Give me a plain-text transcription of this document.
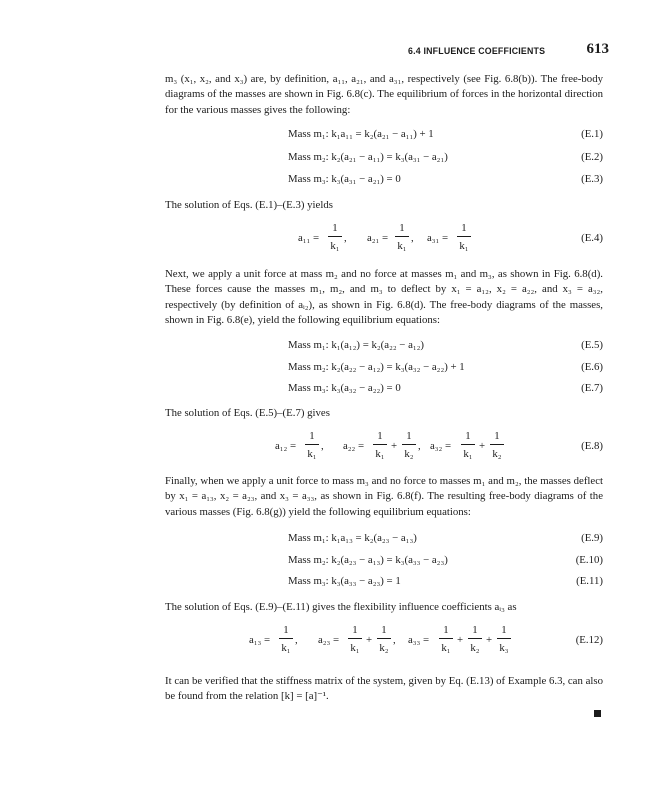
6.4 INFLUENCE COEFFICIENTS	613
m₃ (x₁, x₂, and x₃) are, by definition, a₁₁, a₂₁, and a₃₁, respectively (see Fig. 6.8(b)). The free-body diagrams of the masses are shown in Fig. 6.8(c). The equilibrium of forces in the horizontal direction for the various masses gives the following:
Mass m₁: k₁a₁₁ = k₂(a₂₁ − a₁₁) + 1	(E.1)
Mass m₂: k₂(a₂₁ − a₁₁) = k₃(a₃₁ − a₂₁)	(E.2)
Mass m₃: k₃(a₃₁ − a₂₁) = 0	(E.3)
The solution of Eqs. (E.1)–(E.3) yields
a₁₁ =
1
k₁
, a₂₁ =
1
k₁
, a₃₁ =
1
k₁
(E.4)
Next, we apply a unit force at mass m₂ and no force at masses m₁ and m₃, as shown in Fig. 6.8(d). These forces cause the masses m₁, m₂, and m₃ to deflect by x₁ = a₁₂, x₂ = a₂₂, and x₃ = a₃₂, respectively (by definition of aᵢ₂), as shown in Fig. 6.8(d). The free-body diagrams of the masses, shown in Fig. 6.8(e), yield the following equilibrium equations:
Mass m₁: k₁(a₁₂) = k₂(a₂₂ − a₁₂)	(E.5)
Mass m₂: k₂(a₂₂ − a₁₂) = k₃(a₃₂ − a₂₂) + 1	(E.6)
Mass m₃: k₃(a₃₂ − a₂₂) = 0	(E.7)
The solution of Eqs. (E.5)–(E.7) gives
a₁₂ =
1
k₁
, a₂₂ =
1
k₁
+
1
k₂
, a₃₂ =
1
k₁
+
1
k₂
(E.8)
Finally, when we apply a unit force to mass m₃ and no force to masses m₁ and m₂, the masses deflect by x₁ = a₁₃, x₂ = a₂₃, and x₃ = a₃₃, as shown in Fig. 6.8(f). The resulting free-body diagrams of the various masses (Fig. 6.8(g)) yield the following equilibrium equations:
Mass m₁: k₁a₁₃ = k₂(a₂₃ − a₁₃)	(E.9)
Mass m₂: k₂(a₂₃ − a₁₃) = k₃(a₃₃ − a₂₃)	(E.10)
Mass m₃: k₃(a₃₃ − a₂₃) = 1	(E.11)
The solution of Eqs. (E.9)–(E.11) gives the flexibility influence coefficients aᵢ₃ as
a₁₃ =
1
k₁
, a₂₃ =
1
k₁
+
1
k₂
, a₃₃ =
1
k₁
+
1
k₂
+
1
k₃
(E.12)
It can be verified that the stiffness matrix of the system, given by Eq. (E.13) of Example 6.3, can also be found from the relation [k] = [a]⁻¹.
